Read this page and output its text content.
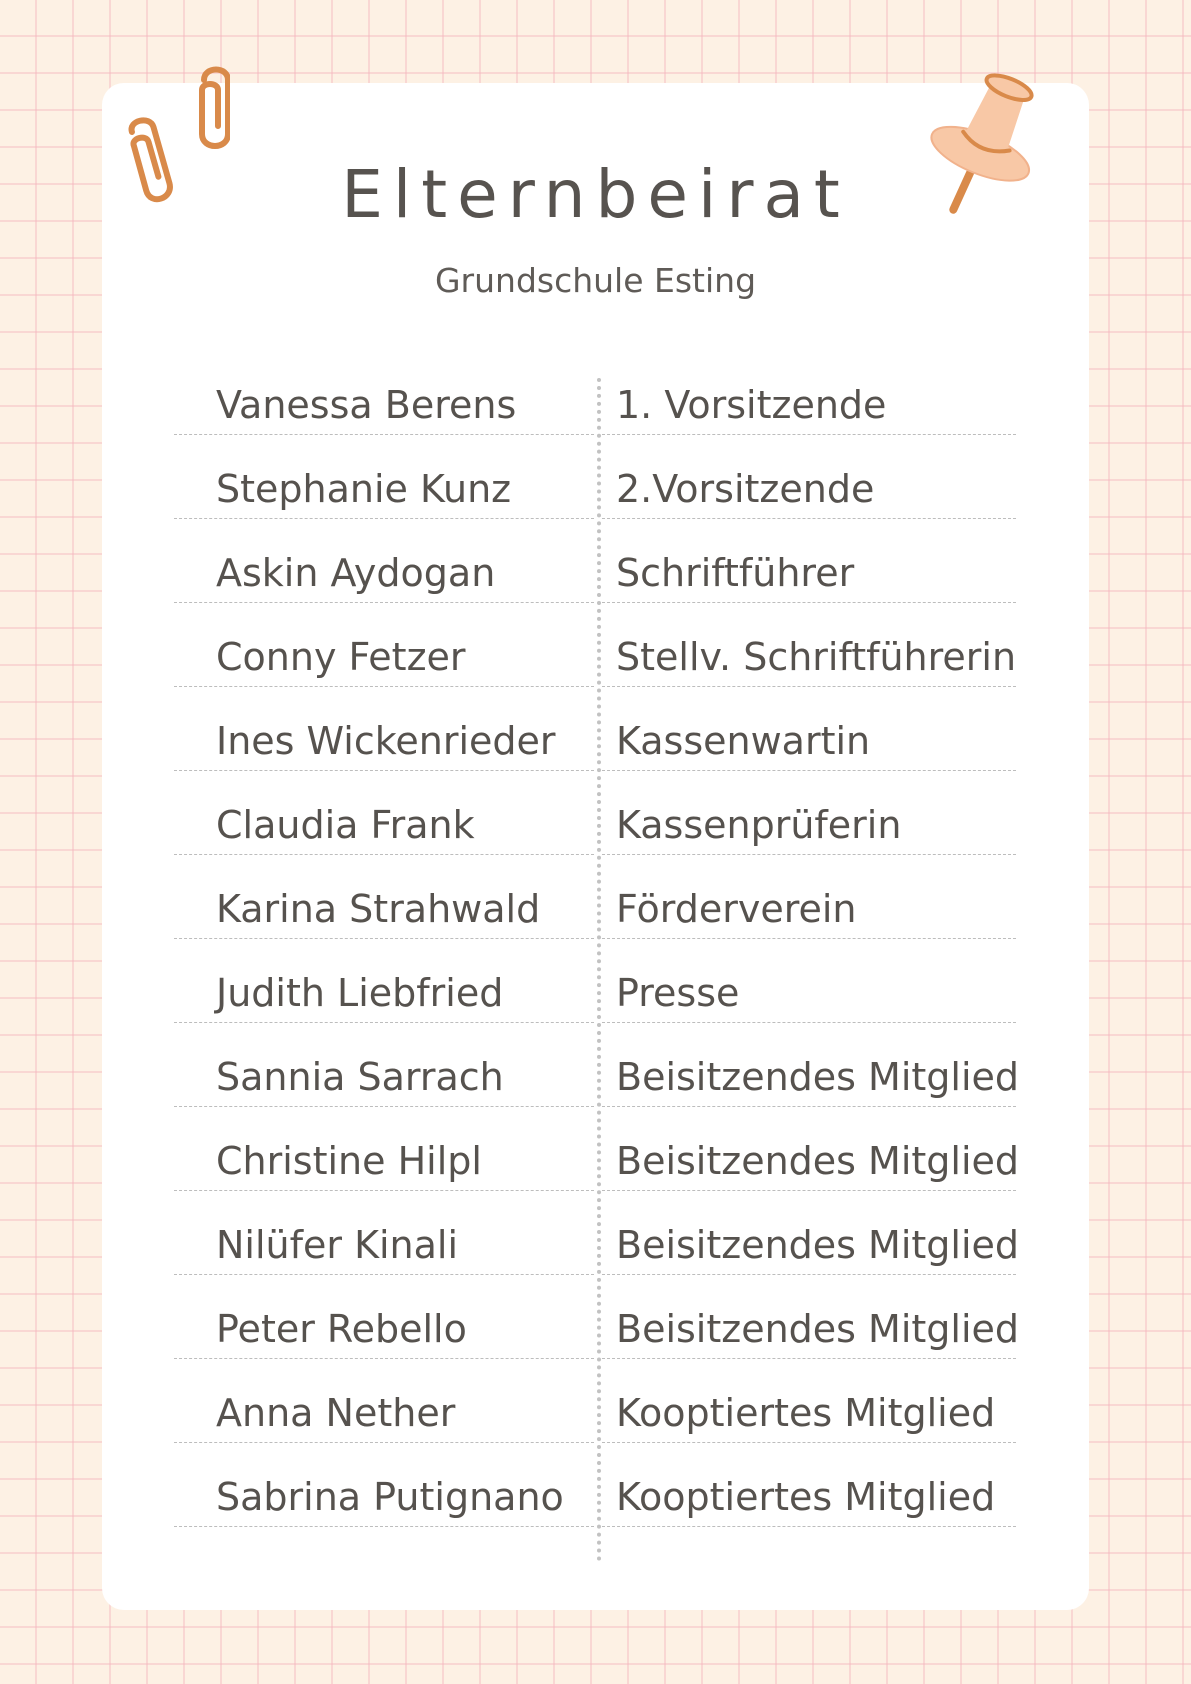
Elternbeirat

Grundschule Esting

Vanessa Berens	1. Vorsitzende
Stephanie Kunz	2.Vorsitzende
Askin Aydogan	Schriftführer
Conny Fetzer	Stellv. Schriftführerin
Ines Wickenrieder	Kassenwartin
Claudia Frank	Kassenprüferin
Karina Strahwald	Förderverein
Judith Liebfried	Presse
Sannia Sarrach	Beisitzendes Mitglied
Christine Hilpl	Beisitzendes Mitglied
Nilüfer Kinali	Beisitzendes Mitglied
Peter Rebello	Beisitzendes Mitglied
Anna Nether	Kooptiertes Mitglied
Sabrina Putignano	Kooptiertes Mitglied
